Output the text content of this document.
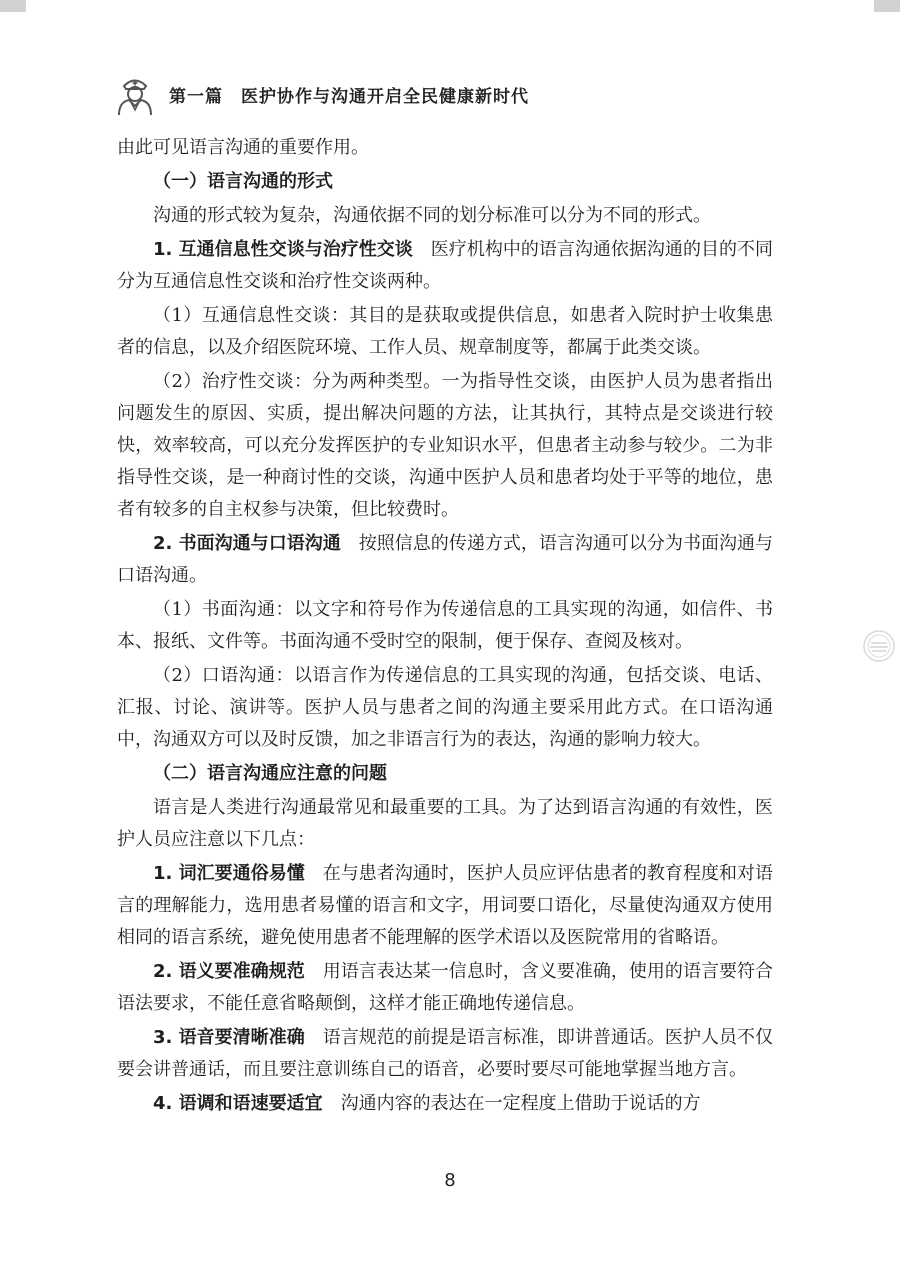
第一篇　医护协作与沟通开启全民健康新时代

由此可见语言沟通的重要作用。

（一）语言沟通的形式

沟通的形式较为复杂，沟通依据不同的划分标准可以分为不同的形式。

1. 互通信息性交谈与治疗性交谈　医疗机构中的语言沟通依据沟通的目的不同分为互通信息性交谈和治疗性交谈两种。

（1）互通信息性交谈：其目的是获取或提供信息，如患者入院时护士收集患者的信息，以及介绍医院环境、工作人员、规章制度等，都属于此类交谈。

（2）治疗性交谈：分为两种类型。一为指导性交谈，由医护人员为患者指出问题发生的原因、实质，提出解决问题的方法，让其执行，其特点是交谈进行较快，效率较高，可以充分发挥医护的专业知识水平，但患者主动参与较少。二为非指导性交谈，是一种商讨性的交谈，沟通中医护人员和患者均处于平等的地位，患者有较多的自主权参与决策，但比较费时。

2. 书面沟通与口语沟通　按照信息的传递方式，语言沟通可以分为书面沟通与口语沟通。

（1）书面沟通：以文字和符号作为传递信息的工具实现的沟通，如信件、书本、报纸、文件等。书面沟通不受时空的限制，便于保存、查阅及核对。

（2）口语沟通：以语言作为传递信息的工具实现的沟通，包括交谈、电话、汇报、讨论、演讲等。医护人员与患者之间的沟通主要采用此方式。在口语沟通中，沟通双方可以及时反馈，加之非语言行为的表达，沟通的影响力较大。

（二）语言沟通应注意的问题

语言是人类进行沟通最常见和最重要的工具。为了达到语言沟通的有效性，医护人员应注意以下几点：

1. 词汇要通俗易懂　在与患者沟通时，医护人员应评估患者的教育程度和对语言的理解能力，选用患者易懂的语言和文字，用词要口语化，尽量使沟通双方使用相同的语言系统，避免使用患者不能理解的医学术语以及医院常用的省略语。

2. 语义要准确规范　用语言表达某一信息时，含义要准确，使用的语言要符合语法要求，不能任意省略颠倒，这样才能正确地传递信息。

3. 语音要清晰准确　语言规范的前提是语言标准，即讲普通话。医护人员不仅要会讲普通话，而且要注意训练自己的语音，必要时要尽可能地掌握当地方言。

4. 语调和语速要适宜　沟通内容的表达在一定程度上借助于说话的方

8
